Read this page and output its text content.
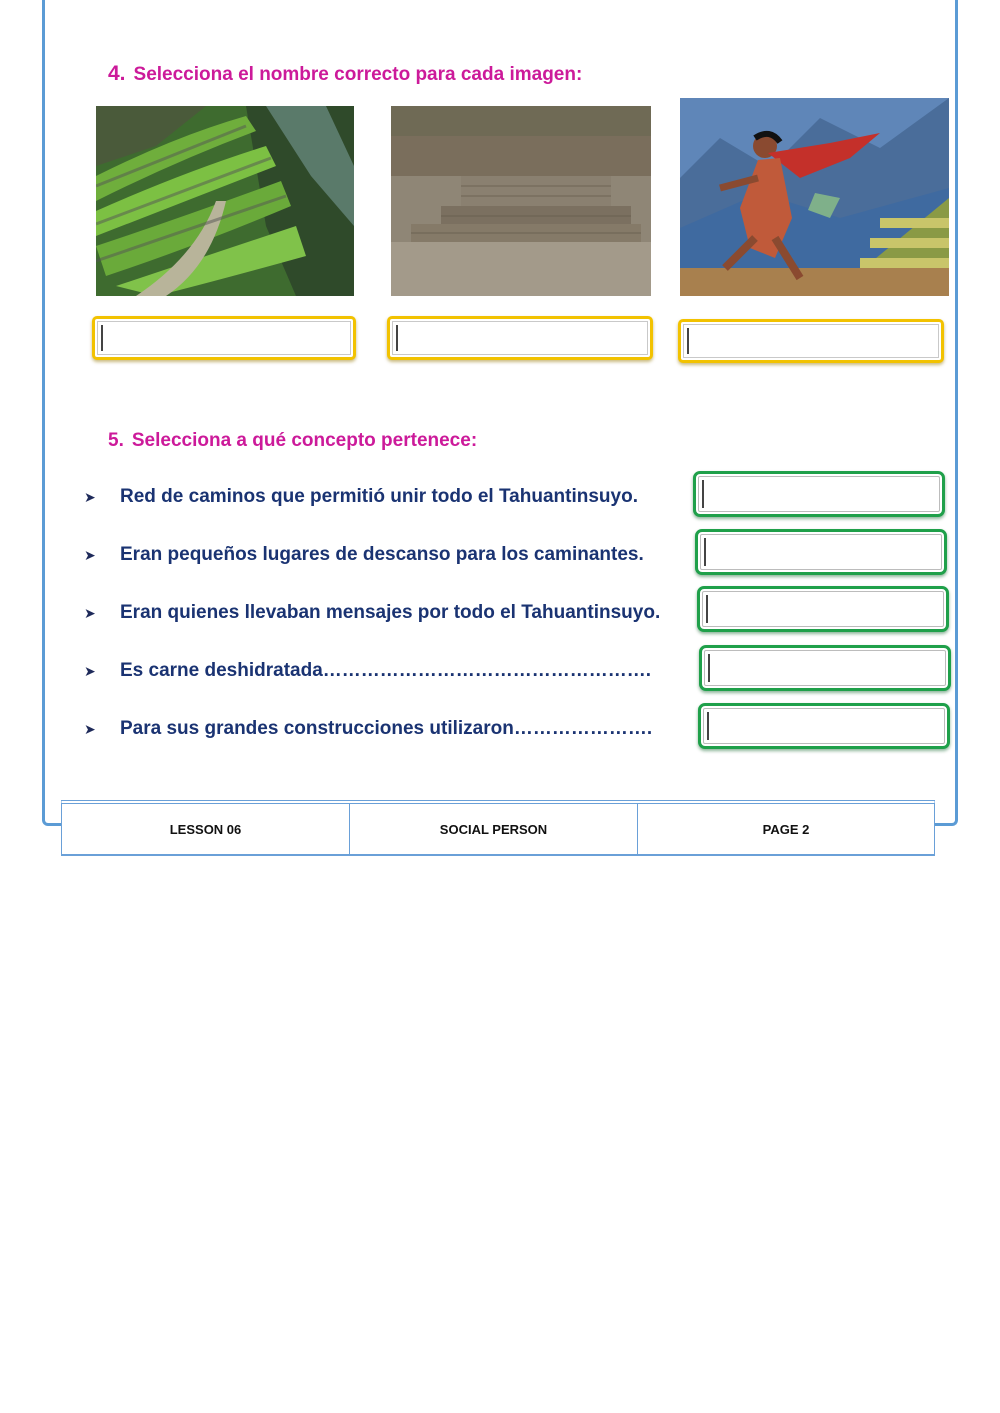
4. Selecciona el nombre correcto para cada imagen:
5. Selecciona a qué concepto pertenece:
➤	Red de caminos que permitió unir todo el Tahuantinsuyo.
➤	Eran pequeños lugares de descanso para los caminantes.
➤	Eran quienes llevaban mensajes por todo el Tahuantinsuyo.
➤	Es carne deshidratada…………………………………………….
➤	Para sus grandes construcciones utilizaron………………….
LESSON 06	SOCIAL PERSON	PAGE 2
